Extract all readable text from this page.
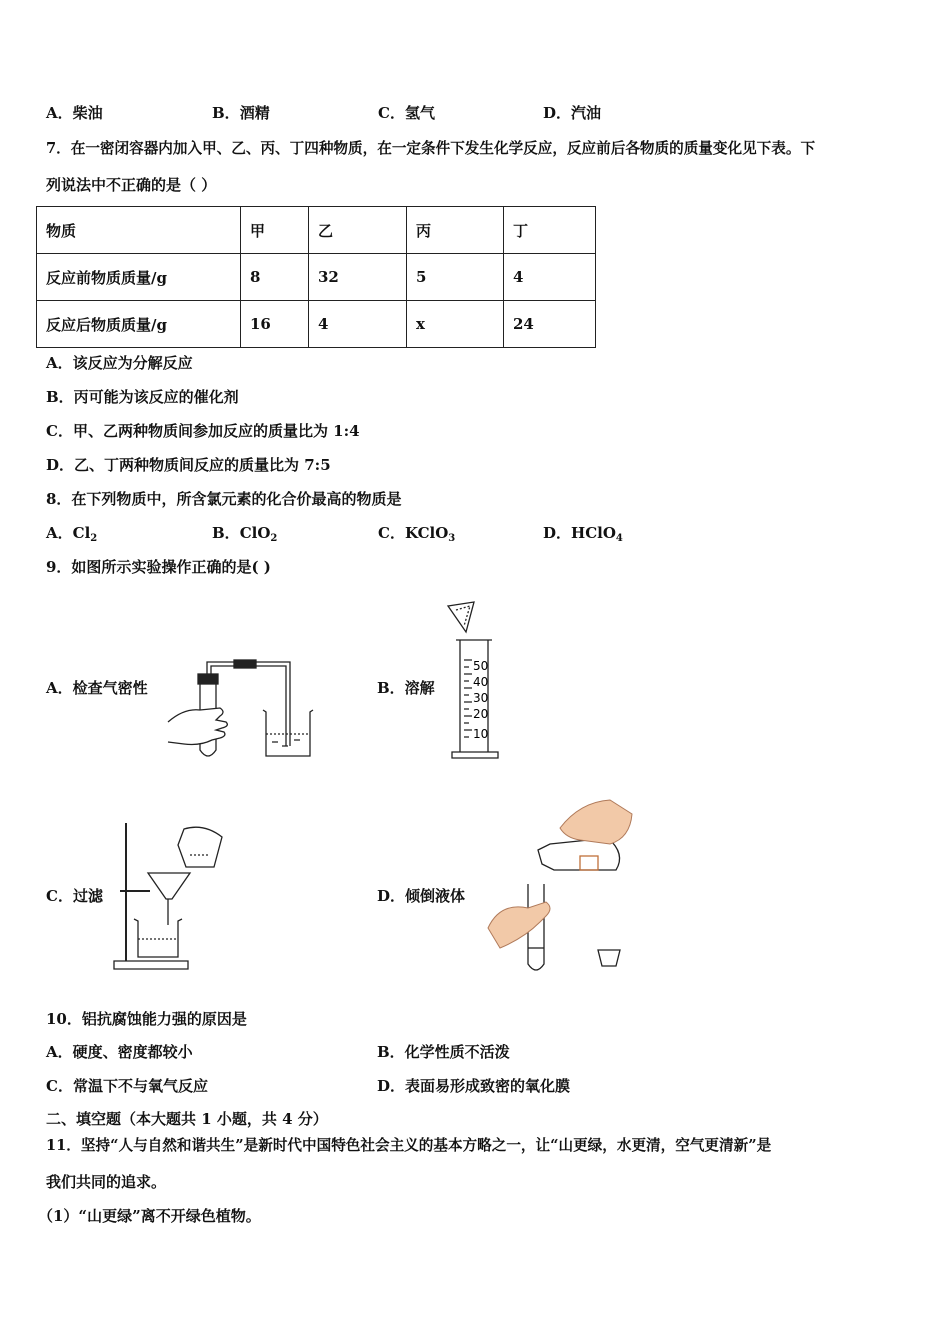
A．柴油	B．酒精	C．氢气	D．汽油
7．在一密闭容器内加入甲、乙、丙、丁四种物质，在一定条件下发生化学反应，反应前后各物质的质量变化见下表。下
列说法中不正确的是（ ）
物质	甲	乙	丙	丁
反应前物质质量/g	8	32	5	4
反应后物质质量/g	16	4	x	24
A．该反应为分解反应
B．丙可能为该反应的催化剂
C．甲、乙两种物质间参加反应的质量比为 1:4
D．乙、丁两种物质间反应的质量比为 7:5
8．在下列物质中，所含氯元素的化合价最高的物质是
A．$Cl_2$	B．ClO$_2$	C．KClO$_3$	D．HClO$_4$
9．如图所示实验操作正确的是( )
A．检查气密性	B．溶解
C．过滤	D．倾倒液体
50
40
30
20
10
10．铝抗腐蚀能力强的原因是
A．硬度、密度都较小	B．化学性质不活泼
C．常温下不与氧气反应	D．表面易形成致密的氧化膜
二、填空题（本大题共 1 小题，共 4 分）
11．坚持“人与自然和谐共生”是新时代中国特色社会主义的基本方略之一，让“山更绿，水更清，空气更清新”是
我们共同的追求。
（1）“山更绿”离不开绿色植物。
